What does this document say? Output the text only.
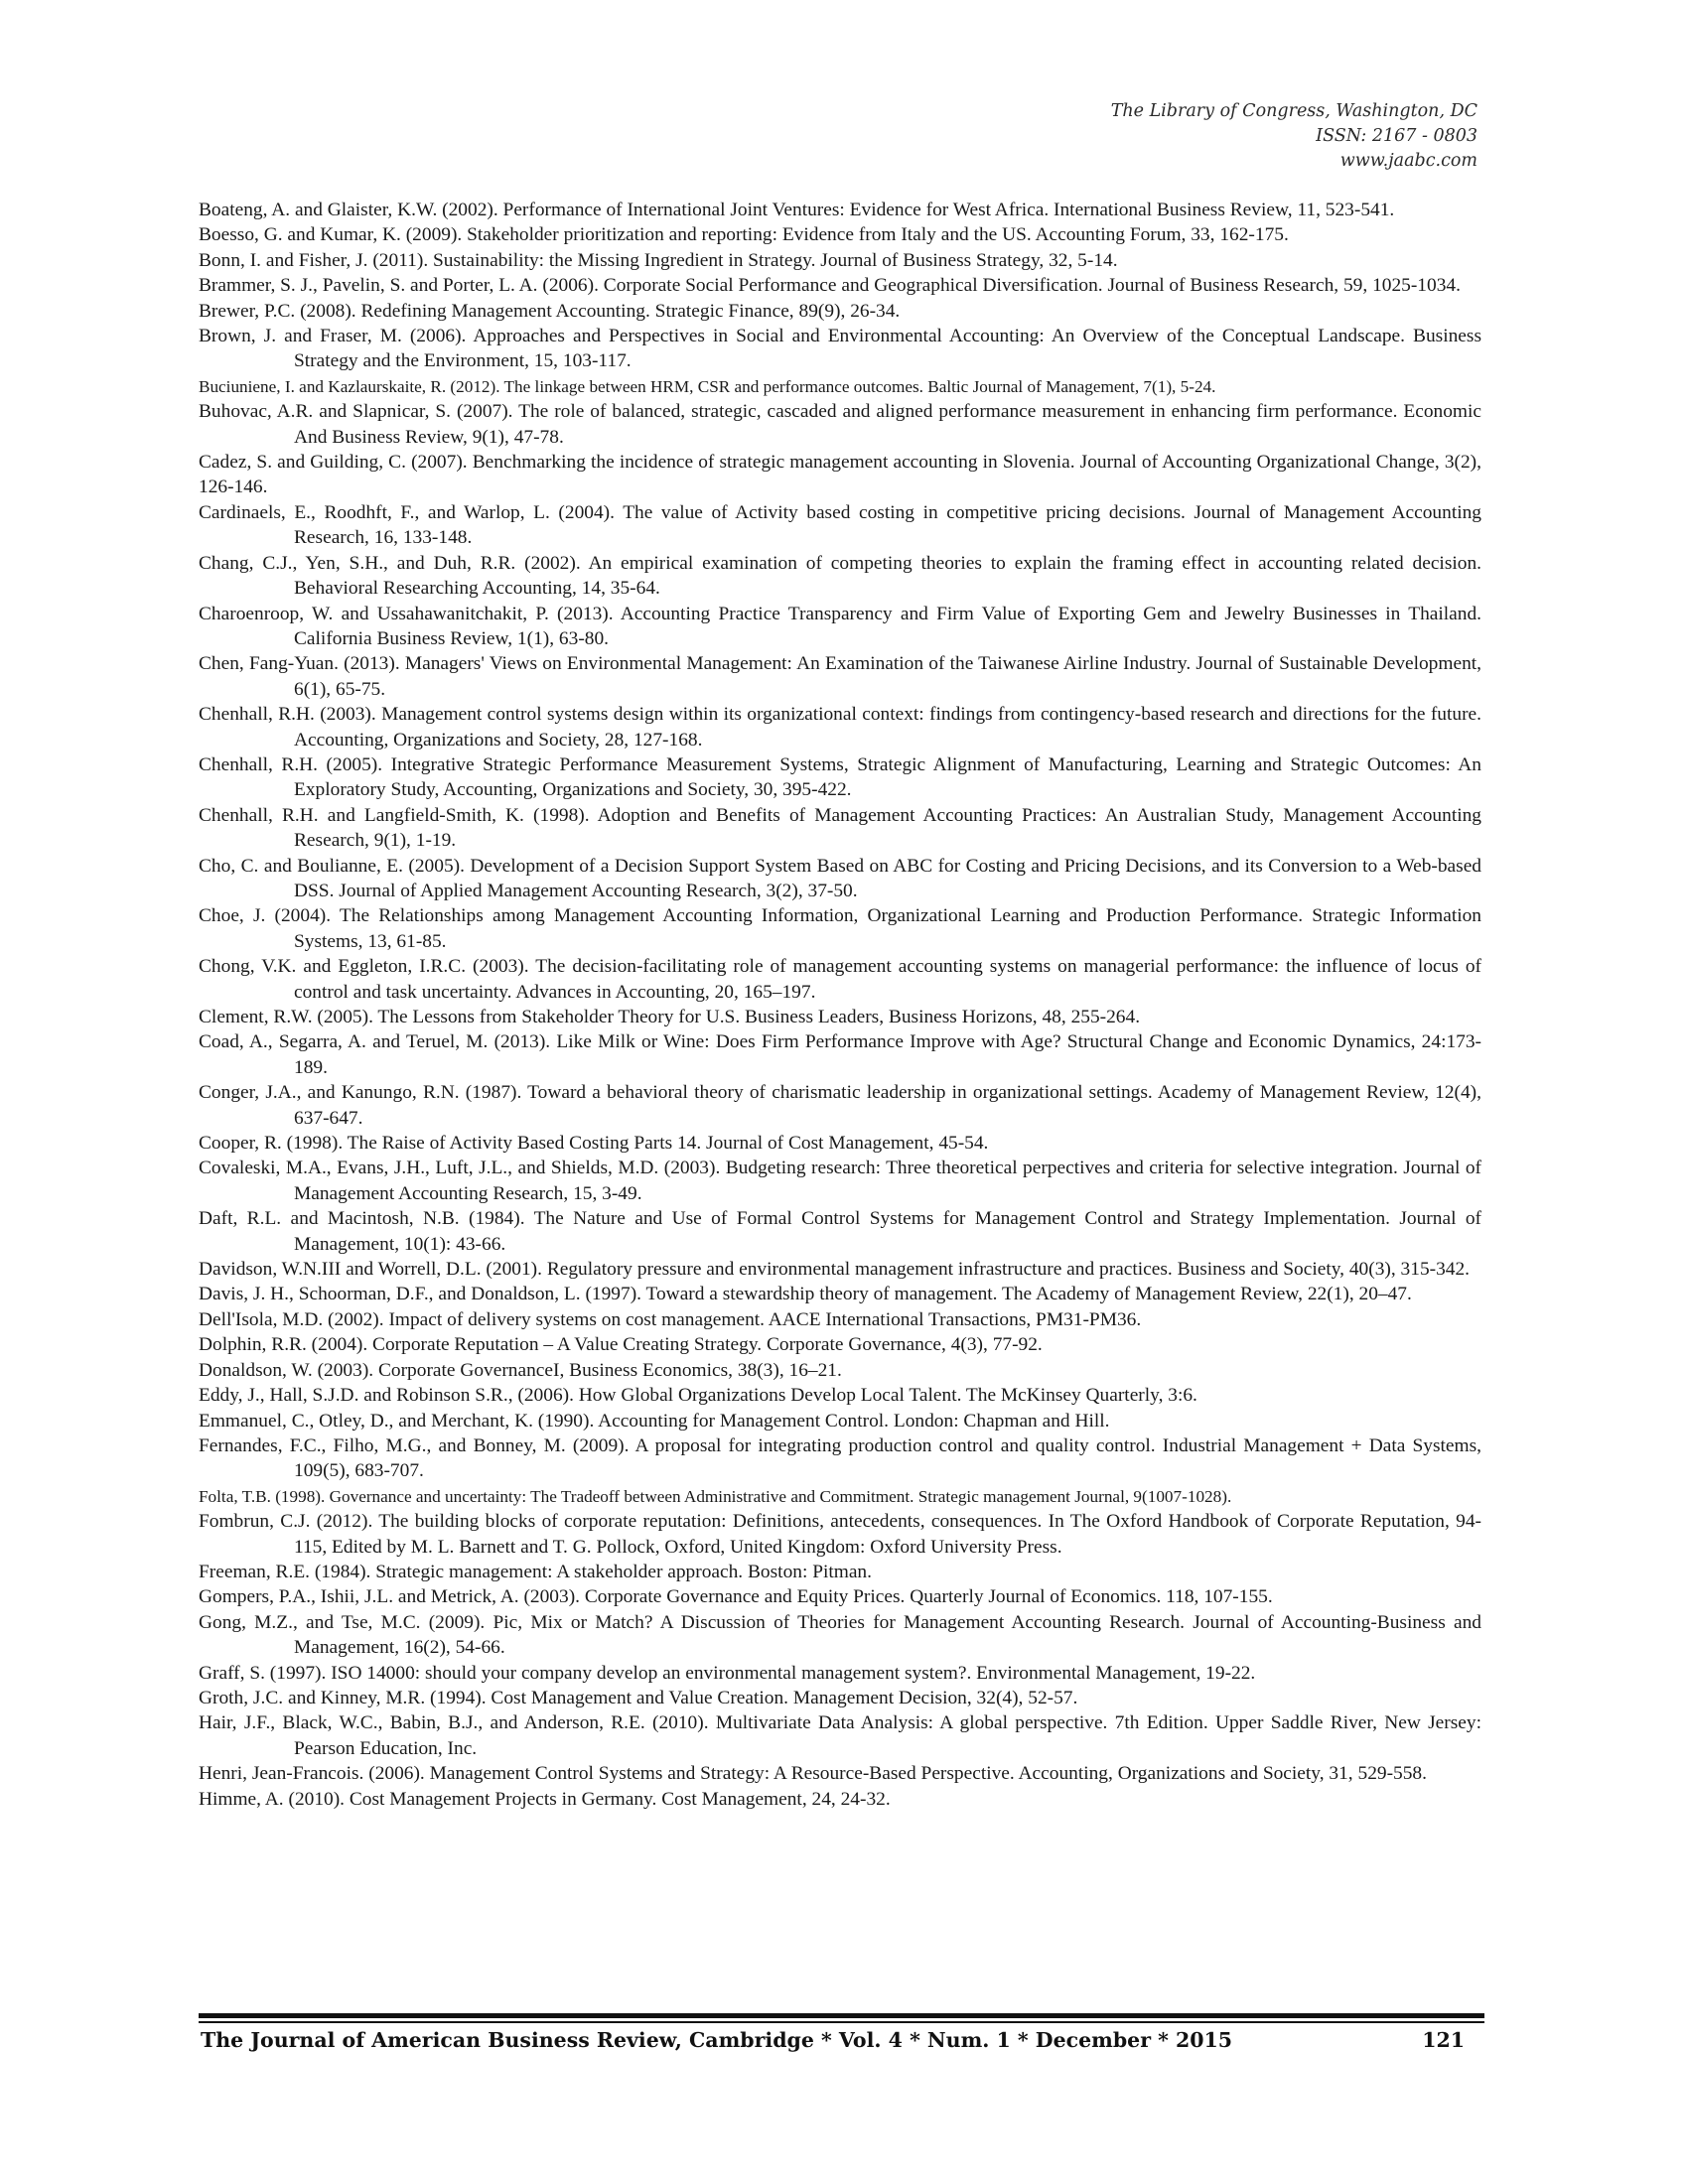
The Library of Congress, Washington, DC
ISSN: 2167 - 0803
www.jaabc.com

Boateng, A. and Glaister, K.W. (2002). Performance of International Joint Ventures: Evidence for West Africa. International Business Review, 11, 523-541.

Boesso, G. and Kumar, K. (2009). Stakeholder prioritization and reporting: Evidence from Italy and the US. Accounting Forum, 33, 162-175.

Bonn, I. and Fisher, J. (2011). Sustainability: the Missing Ingredient in Strategy. Journal of Business Strategy, 32, 5-14.

Brammer, S. J., Pavelin, S. and Porter, L. A. (2006). Corporate Social Performance and Geographical Diversification. Journal of Business Research, 59, 1025-1034.

Brewer, P.C. (2008). Redefining Management Accounting. Strategic Finance, 89(9), 26-34.

Brown, J. and Fraser, M. (2006). Approaches and Perspectives in Social and Environmental Accounting: An Overview of the Conceptual Landscape. Business Strategy and the Environment, 15, 103-117.

Buciuniene, I. and Kazlaurskaite, R. (2012). The linkage between HRM, CSR and performance outcomes. Baltic Journal of Management, 7(1), 5-24.

Buhovac, A.R. and Slapnicar, S. (2007). The role of balanced, strategic, cascaded and aligned performance measurement in enhancing firm performance. Economic And Business Review, 9(1), 47-78.

Cadez, S. and Guilding, C. (2007). Benchmarking the incidence of strategic management accounting in Slovenia. Journal of Accounting Organizational Change, 3(2), 126-146.

Cardinaels, E., Roodhft, F., and Warlop, L. (2004). The value of Activity based costing in competitive pricing decisions. Journal of Management Accounting Research, 16, 133-148.

Chang, C.J., Yen, S.H., and Duh, R.R. (2002). An empirical examination of competing theories to explain the framing effect in accounting related decision. Behavioral Researching Accounting, 14, 35-64.

Charoenroop, W. and Ussahawanitchakit, P. (2013). Accounting Practice Transparency and Firm Value of Exporting Gem and Jewelry Businesses in Thailand. California Business Review, 1(1), 63-80.

Chen, Fang-Yuan. (2013). Managers' Views on Environmental Management: An Examination of the Taiwanese Airline Industry. Journal of Sustainable Development, 6(1), 65-75.

Chenhall, R.H. (2003). Management control systems design within its organizational context: findings from contingency-based research and directions for the future. Accounting, Organizations and Society, 28, 127-168.

Chenhall, R.H. (2005). Integrative Strategic Performance Measurement Systems, Strategic Alignment of Manufacturing, Learning and Strategic Outcomes: An Exploratory Study, Accounting, Organizations and Society, 30, 395-422.

Chenhall, R.H. and Langfield-Smith, K. (1998). Adoption and Benefits of Management Accounting Practices: An Australian Study, Management Accounting Research, 9(1), 1-19.

Cho, C. and Boulianne, E. (2005). Development of a Decision Support System Based on ABC for Costing and Pricing Decisions, and its Conversion to a Web-based DSS. Journal of Applied Management Accounting Research, 3(2), 37-50.

Choe, J. (2004). The Relationships among Management Accounting Information, Organizational Learning and Production Performance. Strategic Information Systems, 13, 61-85.

Chong, V.K. and Eggleton, I.R.C. (2003). The decision-facilitating role of management accounting systems on managerial performance: the influence of locus of control and task uncertainty. Advances in Accounting, 20, 165–197.

Clement, R.W. (2005). The Lessons from Stakeholder Theory for U.S. Business Leaders, Business Horizons, 48, 255-264.

Coad, A., Segarra, A. and Teruel, M. (2013). Like Milk or Wine: Does Firm Performance Improve with Age? Structural Change and Economic Dynamics, 24:173-189.

Conger, J.A., and Kanungo, R.N. (1987). Toward a behavioral theory of charismatic leadership in organizational settings. Academy of Management Review, 12(4), 637-647.

Cooper, R. (1998). The Raise of Activity Based Costing Parts 14. Journal of Cost Management, 45-54.

Covaleski, M.A., Evans, J.H., Luft, J.L., and Shields, M.D. (2003). Budgeting research: Three theoretical perpectives and criteria for selective integration. Journal of Management Accounting Research, 15, 3-49.

Daft, R.L. and Macintosh, N.B. (1984). The Nature and Use of Formal Control Systems for Management Control and Strategy Implementation. Journal of Management, 10(1): 43-66.

Davidson, W.N.III and Worrell, D.L. (2001). Regulatory pressure and environmental management infrastructure and practices. Business and Society, 40(3), 315-342.

Davis, J. H., Schoorman, D.F., and Donaldson, L. (1997). Toward a stewardship theory of management. The Academy of Management Review, 22(1), 20–47.

Dell'Isola, M.D. (2002). Impact of delivery systems on cost management. AACE International Transactions, PM31-PM36.

Dolphin, R.R. (2004). Corporate Reputation – A Value Creating Strategy. Corporate Governance, 4(3), 77-92.

Donaldson, W. (2003). Corporate GovernanceI, Business Economics, 38(3), 16–21.

Eddy, J., Hall, S.J.D. and Robinson S.R., (2006). How Global Organizations Develop Local Talent. The McKinsey Quarterly, 3:6.

Emmanuel, C., Otley, D., and Merchant, K. (1990). Accounting for Management Control. London: Chapman and Hill.

Fernandes, F.C., Filho, M.G., and Bonney, M. (2009). A proposal for integrating production control and quality control. Industrial Management + Data Systems, 109(5), 683-707.

Folta, T.B. (1998). Governance and uncertainty: The Tradeoff between Administrative and Commitment. Strategic management Journal, 9(1007-1028).

Fombrun, C.J. (2012). The building blocks of corporate reputation: Definitions, antecedents, consequences. In The Oxford Handbook of Corporate Reputation, 94-115, Edited by M. L. Barnett and T. G. Pollock, Oxford, United Kingdom: Oxford University Press.

Freeman, R.E. (1984). Strategic management: A stakeholder approach. Boston: Pitman.

Gompers, P.A., Ishii, J.L. and Metrick, A. (2003). Corporate Governance and Equity Prices. Quarterly Journal of Economics. 118, 107-155.

Gong, M.Z., and Tse, M.C. (2009). Pic, Mix or Match? A Discussion of Theories for Management Accounting Research. Journal of Accounting-Business and Management, 16(2), 54-66.

Graff, S. (1997). ISO 14000: should your company develop an environmental management system?. Environmental Management, 19-22.

Groth, J.C. and Kinney, M.R. (1994). Cost Management and Value Creation. Management Decision, 32(4), 52-57.

Hair, J.F., Black, W.C., Babin, B.J., and Anderson, R.E. (2010). Multivariate Data Analysis: A global perspective. 7th Edition. Upper Saddle River, New Jersey: Pearson Education, Inc.

Henri, Jean-Francois. (2006). Management Control Systems and Strategy: A Resource-Based Perspective. Accounting, Organizations and Society, 31, 529-558.

Himme, A. (2010). Cost Management Projects in Germany. Cost Management, 24, 24-32.

The Journal of American Business Review, Cambridge * Vol. 4 * Num. 1 * December * 2015	121
